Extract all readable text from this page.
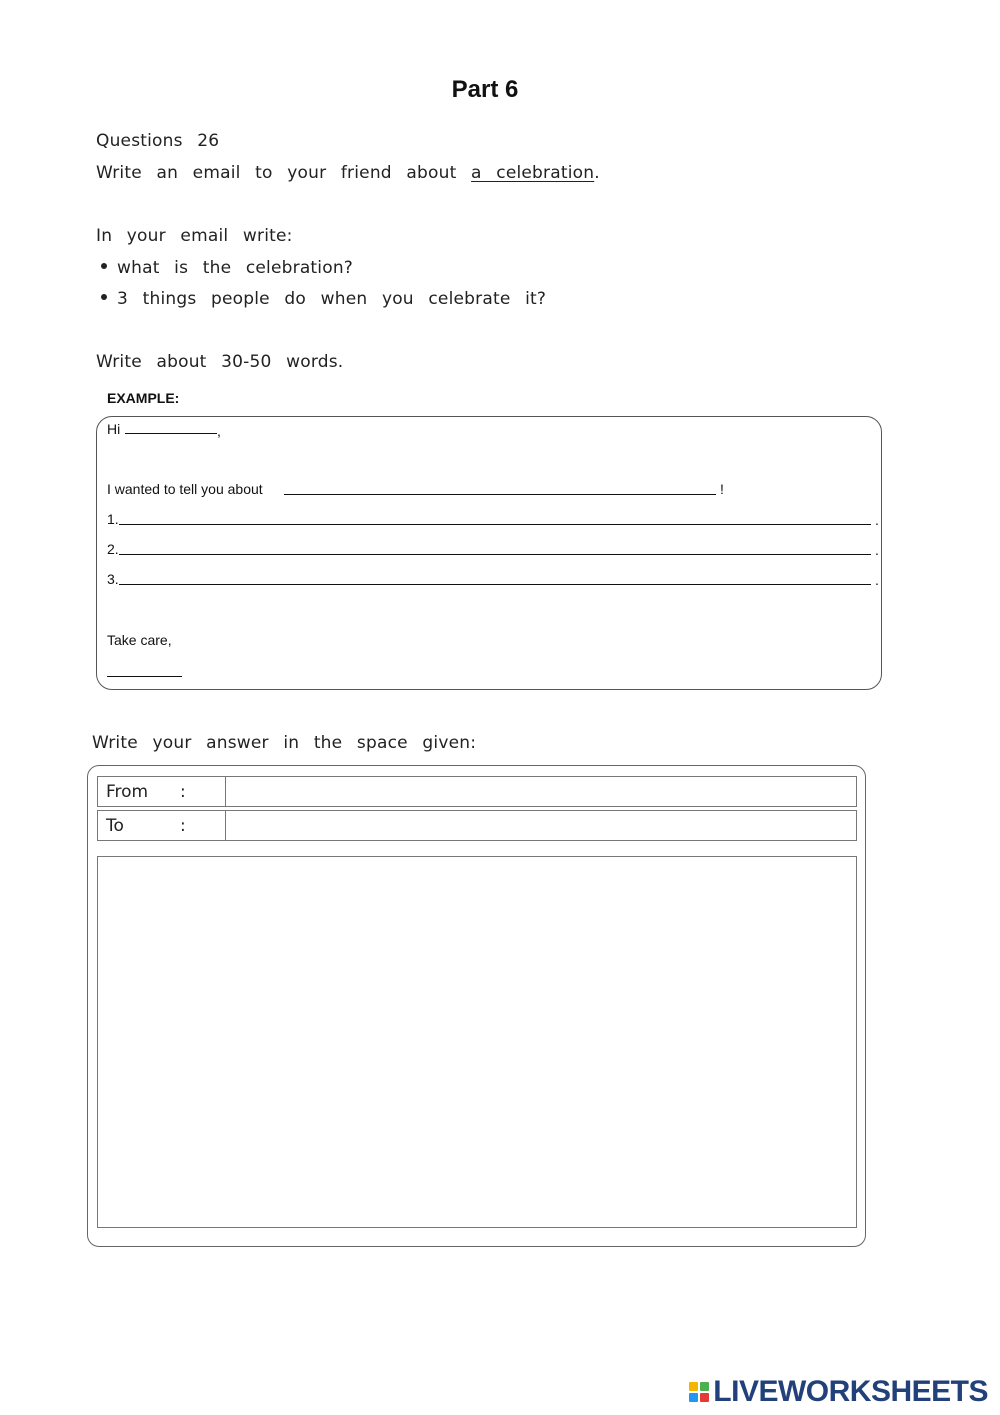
Part 6
Questions 26
Write an email to your friend about a celebration.
In your email write:
what is the celebration?
3 things people do when you celebrate it?
Write about 30-50 words.
EXAMPLE:
Hi	,
I wanted to tell you about	!
1.	.
2.	.
3.	.
Take care,
Write your answer in the space given:
From	:
To	:
LIVEWORKSHEETS
